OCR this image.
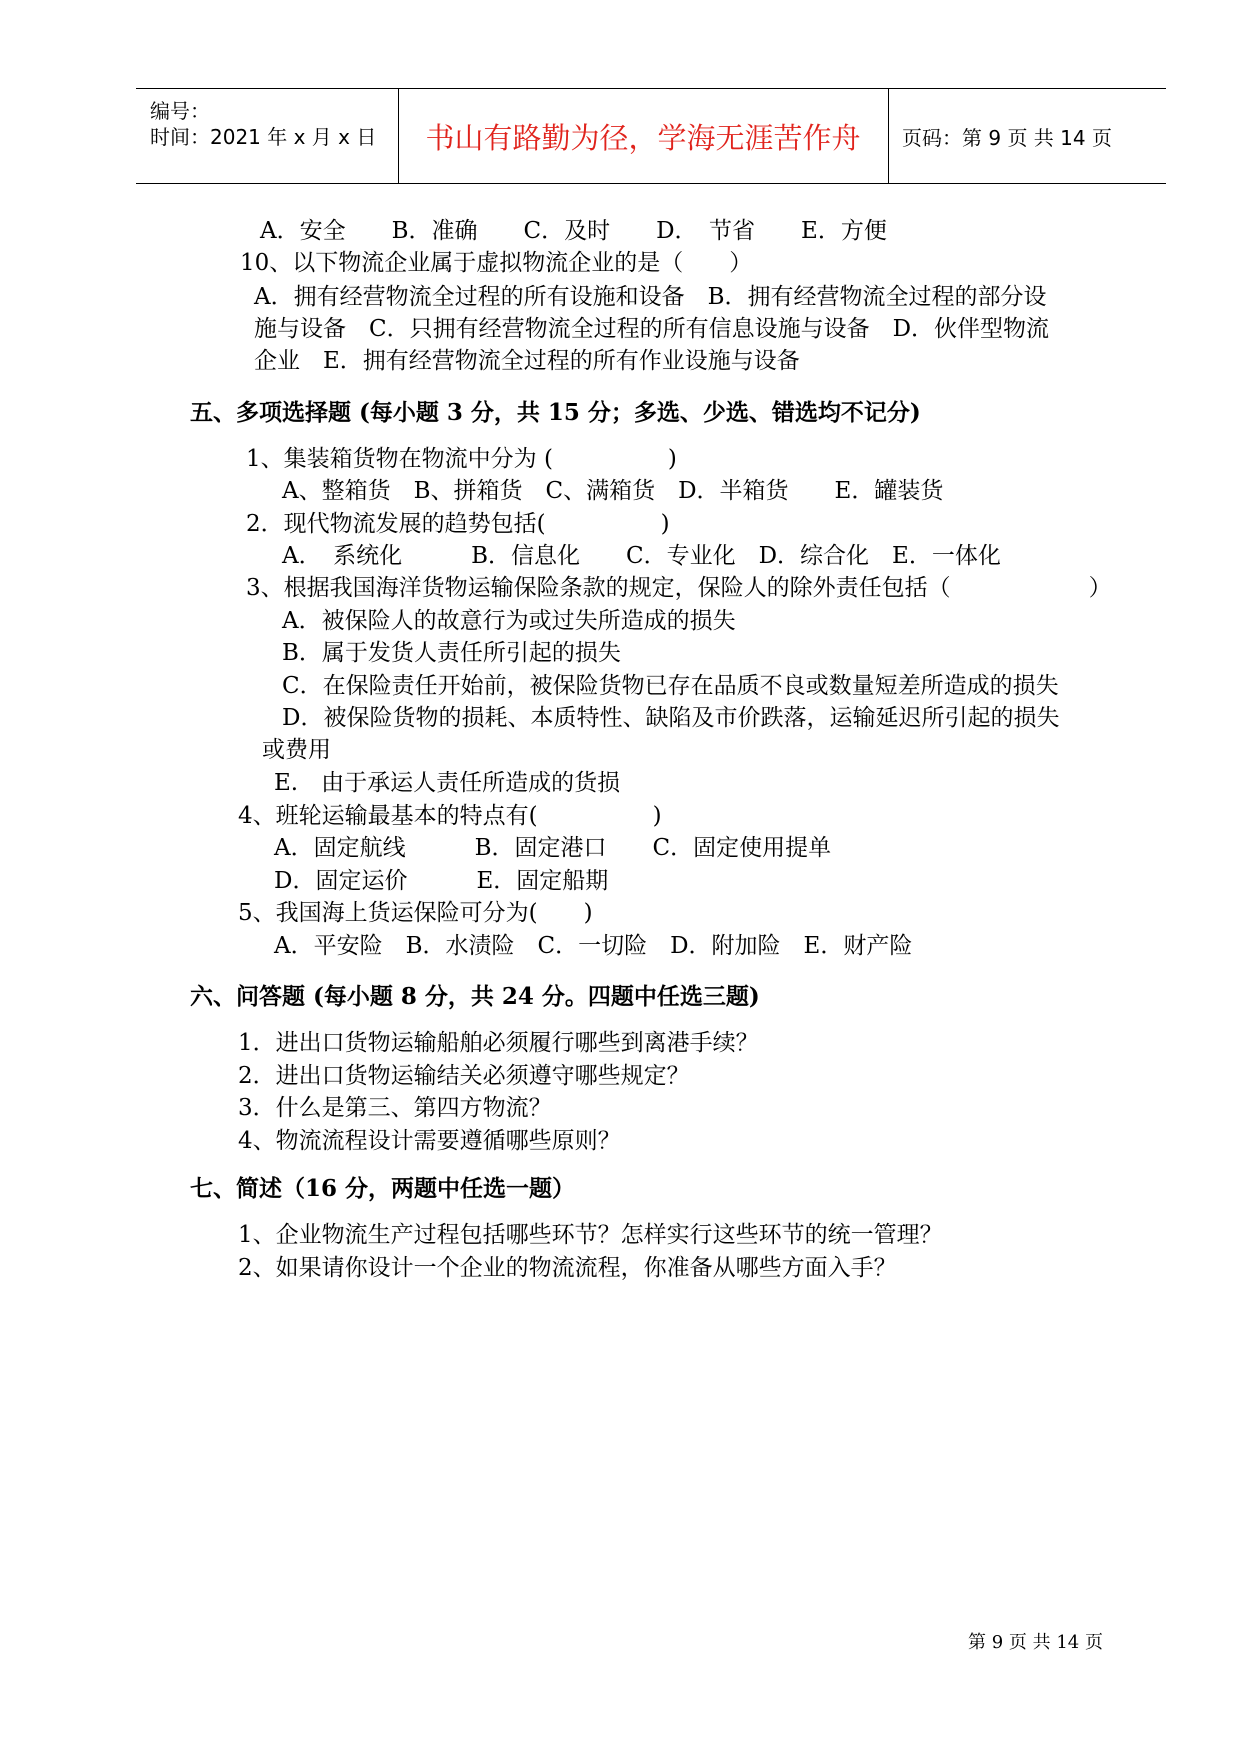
编号：
时间：2021 年 x 月 x 日	书山有路勤为径，学海无涯苦作舟	页码：第 9 页 共 14 页
A．安全　　B．准确　　C．及时　　D．　节省　　E．方便
10、以下物流企业属于虚拟物流企业的是（　　）
A．拥有经营物流全过程的所有设施和设备　B．拥有经营物流全过程的部分设
施与设备　C．只拥有经营物流全过程的所有信息设施与设备　D．伙伴型物流
企业　E．拥有经营物流全过程的所有作业设施与设备
五、多项选择题 (每小题 3 分，共 15 分；多选、少选、错选均不记分)
1、集装箱货物在物流中分为 (　　　　　)
A、整箱货　B、拼箱货　C、满箱货　D．半箱货　　E．罐装货
2．现代物流发展的趋势包括(　　　　　)
A．　系统化　　　B．信息化　　C．专业化　D．综合化　E．一体化
3、根据我国海洋货物运输保险条款的规定，保险人的除外责任包括（　　　　　　）
A．被保险人的故意行为或过失所造成的损失
B．属于发货人责任所引起的损失
C．在保险责任开始前，被保险货物已存在品质不良或数量短差所造成的损失
D．被保险货物的损耗、本质特性、缺陷及市价跌落，运输延迟所引起的损失
或费用
E.　由于承运人责任所造成的货损
4、班轮运输最基本的特点有(　　　　　)
A．固定航线　　　B．固定港口　　C．固定使用提单
D．固定运价　　　E．固定船期
5、我国海上货运保险可分为(　　)
A．平安险　B．水渍险　C．一切险　D．附加险　E．财产险
六、问答题 (每小题 8 分，共 24 分。四题中任选三题)
1．进出口货物运输船舶必须履行哪些到离港手续？
2．进出口货物运输结关必须遵守哪些规定？
3．什么是第三、第四方物流？
4、物流流程设计需要遵循哪些原则？
七、简述（16 分，两题中任选一题）
1、企业物流生产过程包括哪些环节？怎样实行这些环节的统一管理？
2、如果请你设计一个企业的物流流程，你准备从哪些方面入手？
第 9 页 共 14 页
